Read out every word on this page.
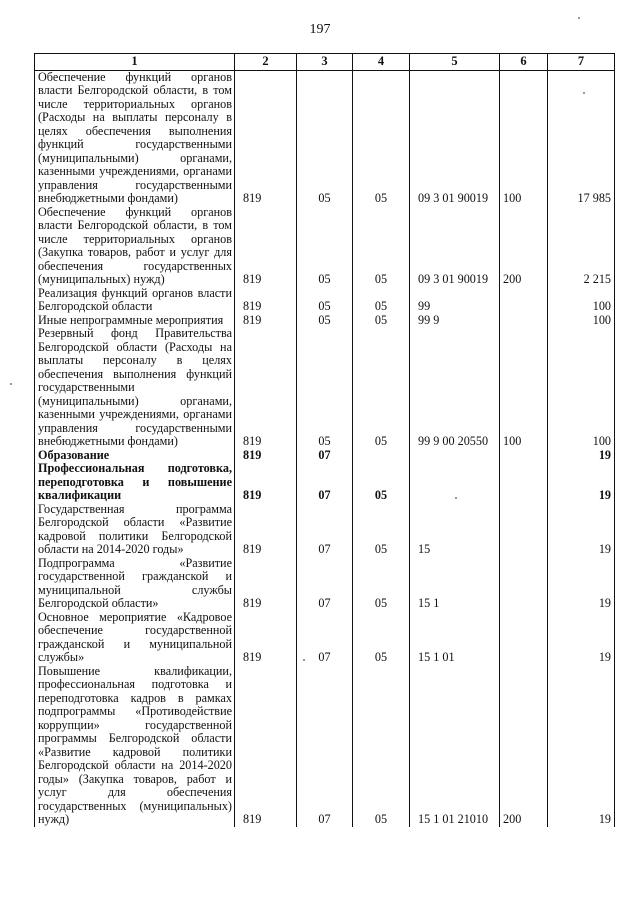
197
1	2	3	4	5	6	7
Обеспечение функций органов власти Белгородской области, в том числе территориальных органов (Расходы на выплаты персоналу в целях обеспечения выполнения функций государственными (муниципальными) органами, казенными учреждениями, органами управления государственными внебюджетными фондами)	819	05	05	09 3 01 90019	100	17 985
Обеспечение функций органов власти Белгородской области, в том числе территориальных органов (Закупка товаров, работ и услуг для обеспечения государственных (муниципальных) нужд)	819	05	05	09 3 01 90019	200	2 215
Реализация функций органов власти Белгородской области	819	05	05	99		100
Иные непрограммные мероприятия	819	05	05	99 9		100
Резервный фонд Правительства Белгородской области (Расходы на выплаты персоналу в целях обеспечения выполнения функций государственными (муниципальными) органами, казенными учреждениями, органами управления государственными внебюджетными фондами)	819	05	05	99 9 00 20550	100	100
Образование	819	07				19
Профессиональная подготовка, переподготовка и повышение квалификации	819	07	05			19
Государственная программа Белгородской области «Развитие кадровой политики Белгородской области на 2014-2020 годы»	819	07	05	15		19
Подпрограмма «Развитие государственной гражданской и муниципальной службы Белгородской области»	819	07	05	15 1		19
Основное мероприятие «Кадровое обеспечение государственной гражданской и муниципальной службы»	819	07	05	15 1 01		19
Повышение квалификации, профессиональная подготовка и переподготовка кадров в рамках подпрограммы «Противодействие коррупции» государственной программы Белгородской области «Развитие кадровой политики Белгородской области на 2014-2020 годы» (Закупка товаров, работ и услуг для обеспечения государственных (муниципальных) нужд)	819	07	05	15 1 01 21010	200	19
